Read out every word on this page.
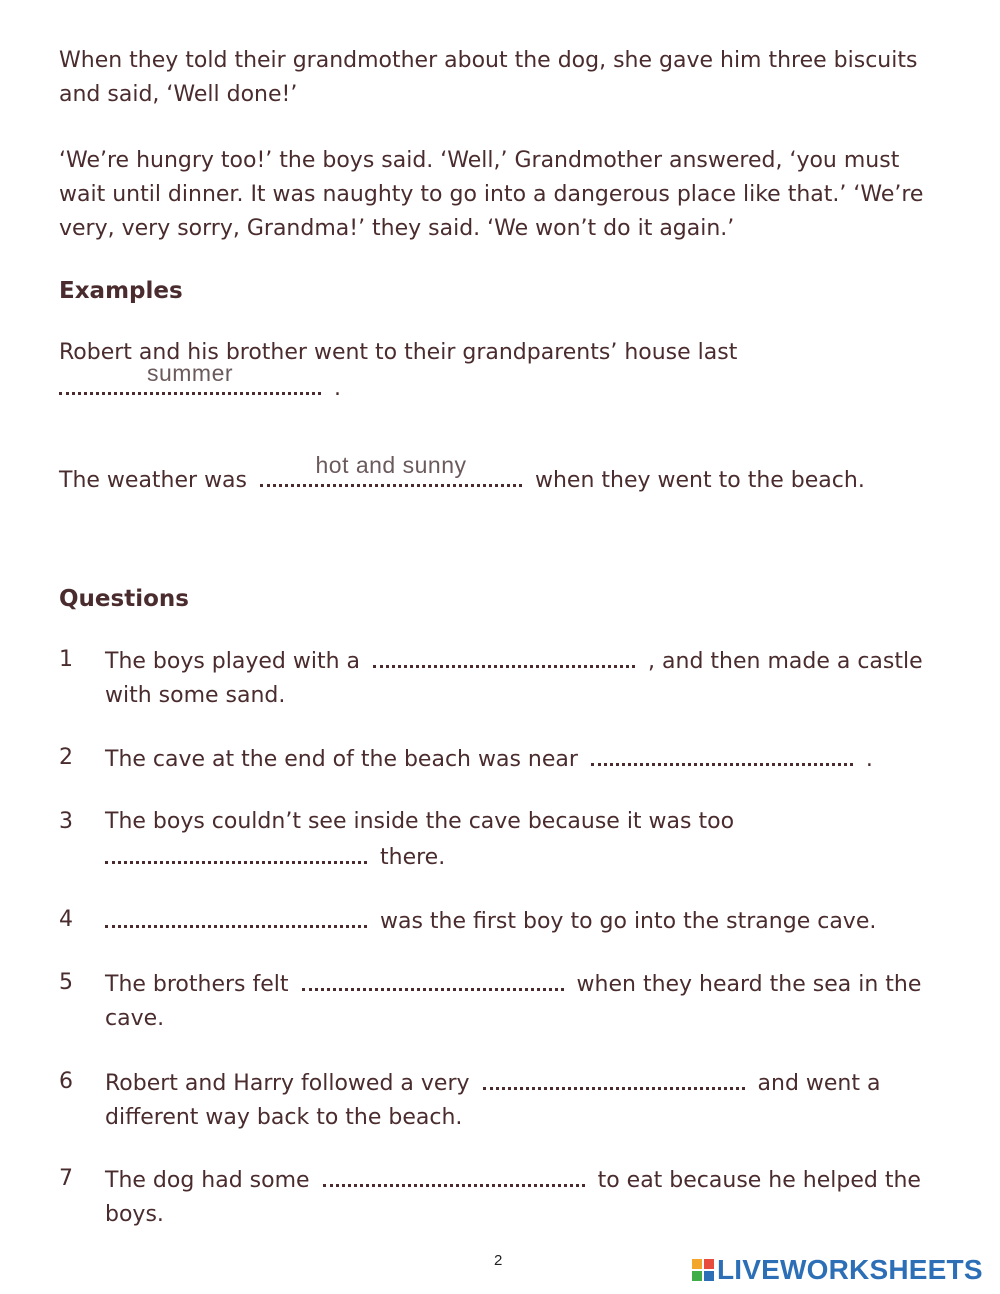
When they told their grandmother about the dog, she gave him three biscuits and said, ‘Well done!’

‘We’re hungry too!’ the boys said. ‘Well,’ Grandmother answered, ‘you must wait until dinner. It was naughty to go into a dangerous place like that.’ ‘We’re very, very sorry, Grandma!’ they said. ‘We won’t do it again.’

Examples
Robert and his brother went to their grandparents’ house last

summer
.
The weather was
hot and sunny
when they went to the beach.
Questions
1	The boys played with a	, and then made a castle with some sand.
2	The cave at the end of the beach was near	.
3	The boys couldn’t see inside the cave because it was too
there.
4	was the first boy to go into the strange cave.
5	The brothers felt	when they heard the sea in the cave.
6	Robert and Harry followed a very	and went a different way back to the beach.
7	The dog had some	to eat because he helped the boys.
2	LIVEWORKSHEETS
